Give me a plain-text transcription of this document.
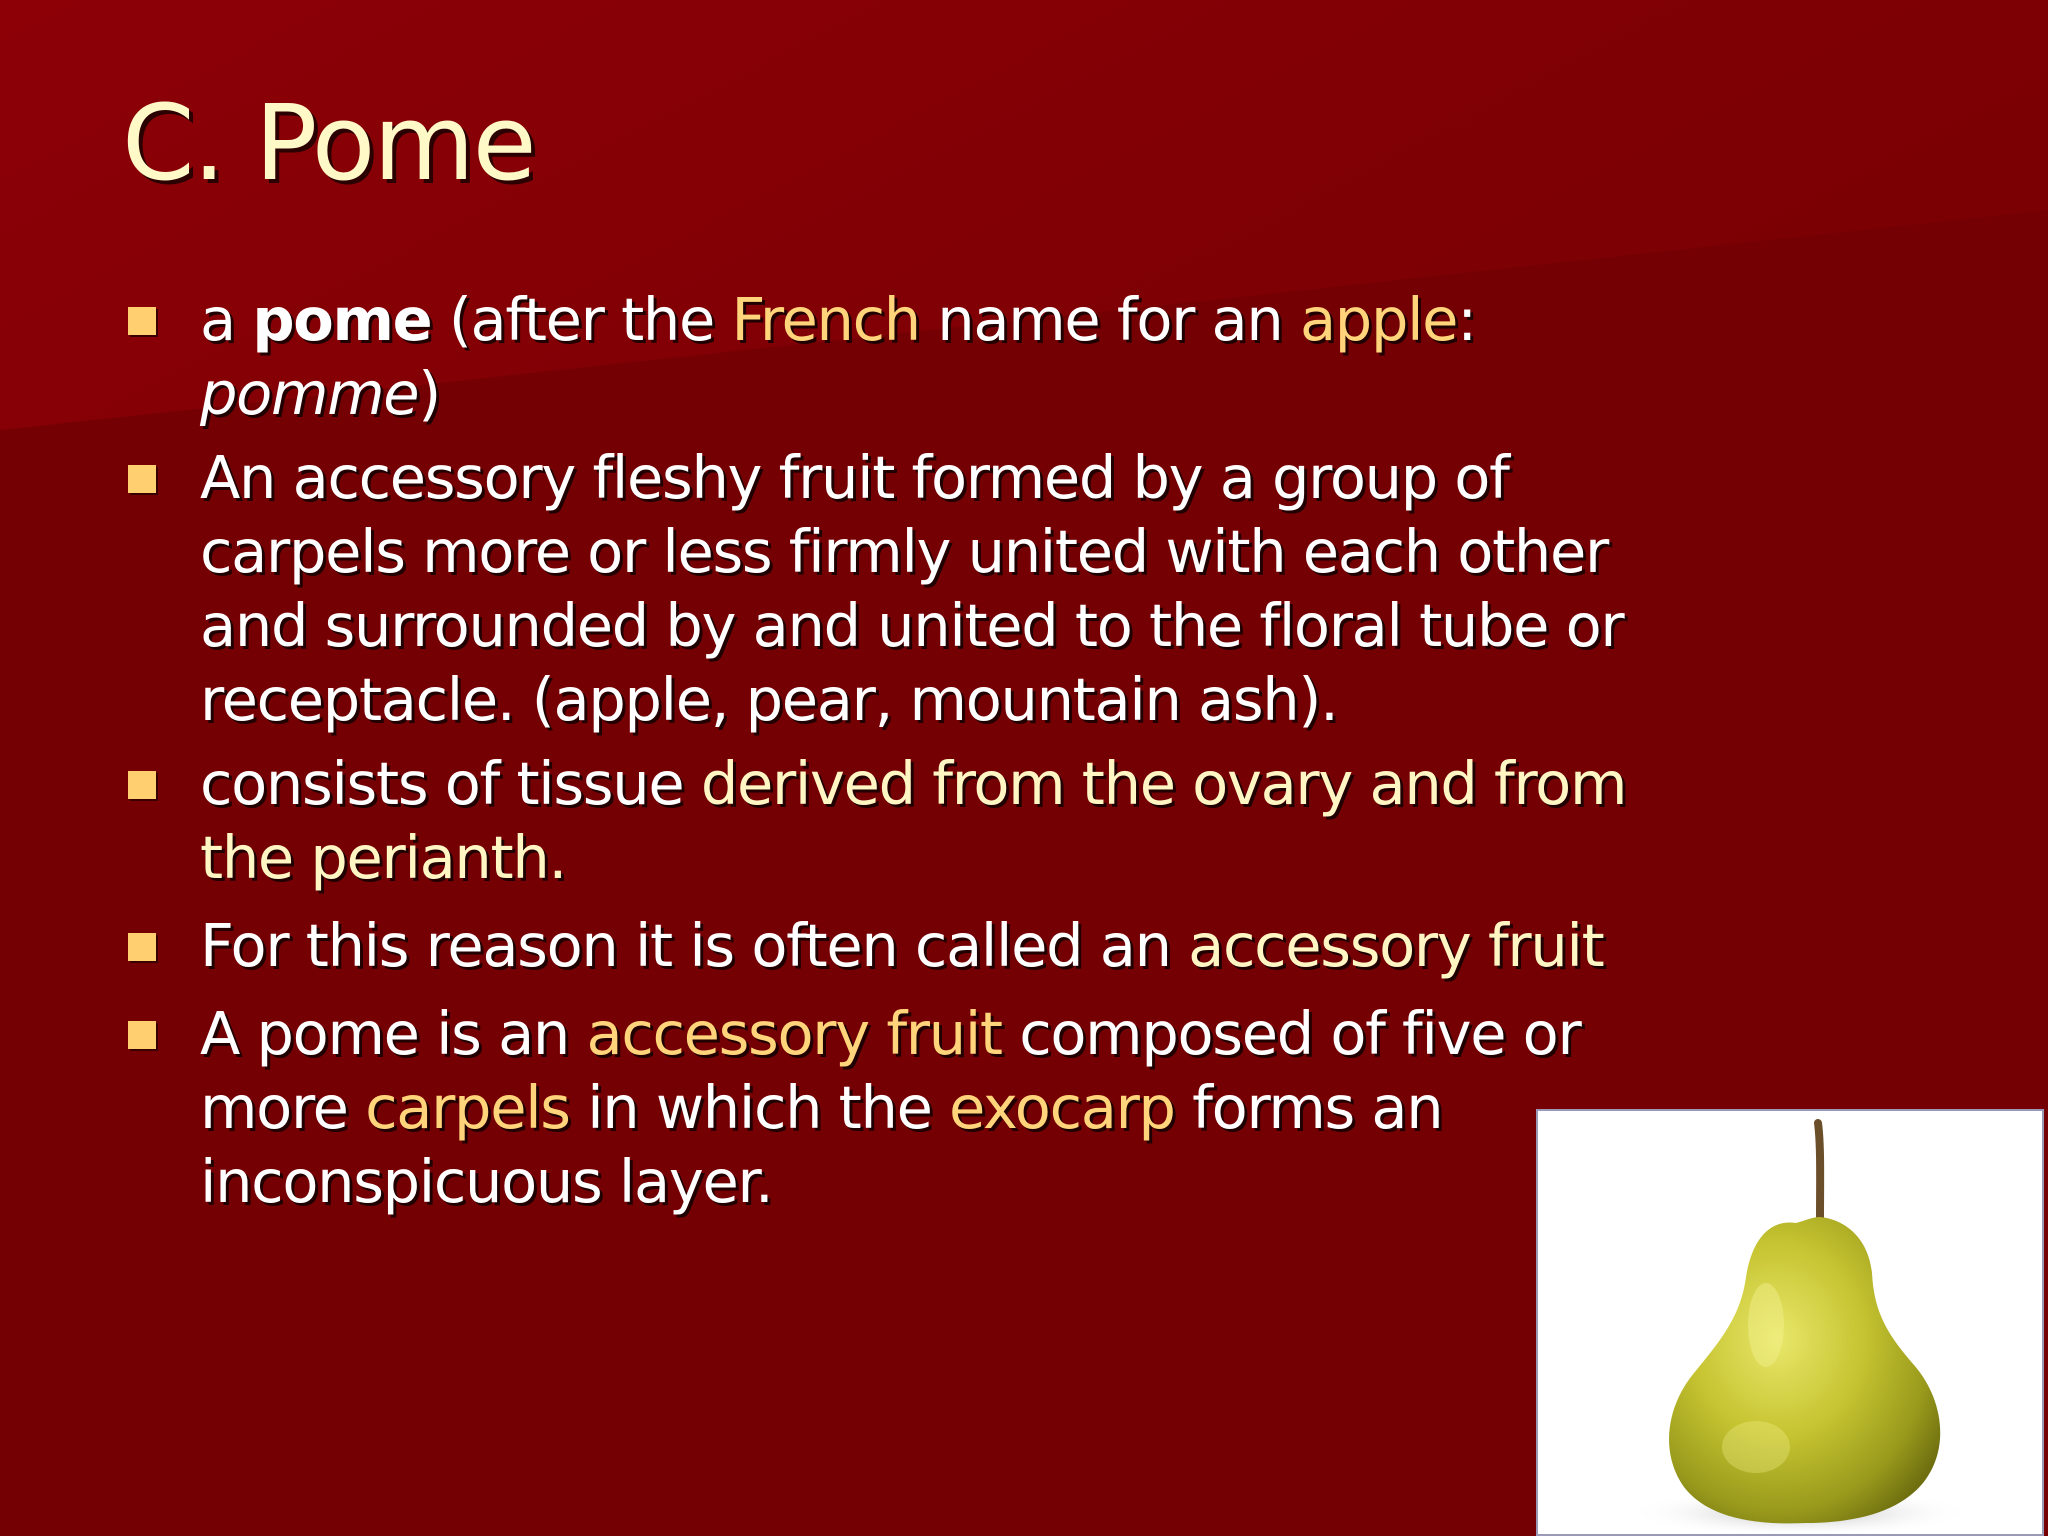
C. Pome
a pome (after the French name for an apple:
pomme)
An accessory fleshy fruit formed by a group of
carpels more or less firmly united with each other
and surrounded by and united to the floral tube or
receptacle. (apple, pear, mountain ash).
consists of tissue derived from the ovary and from
the perianth.
For this reason it is often called an accessory fruit
A pome is an accessory fruit composed of five or
more carpels in which the exocarp forms an
inconspicuous layer.
